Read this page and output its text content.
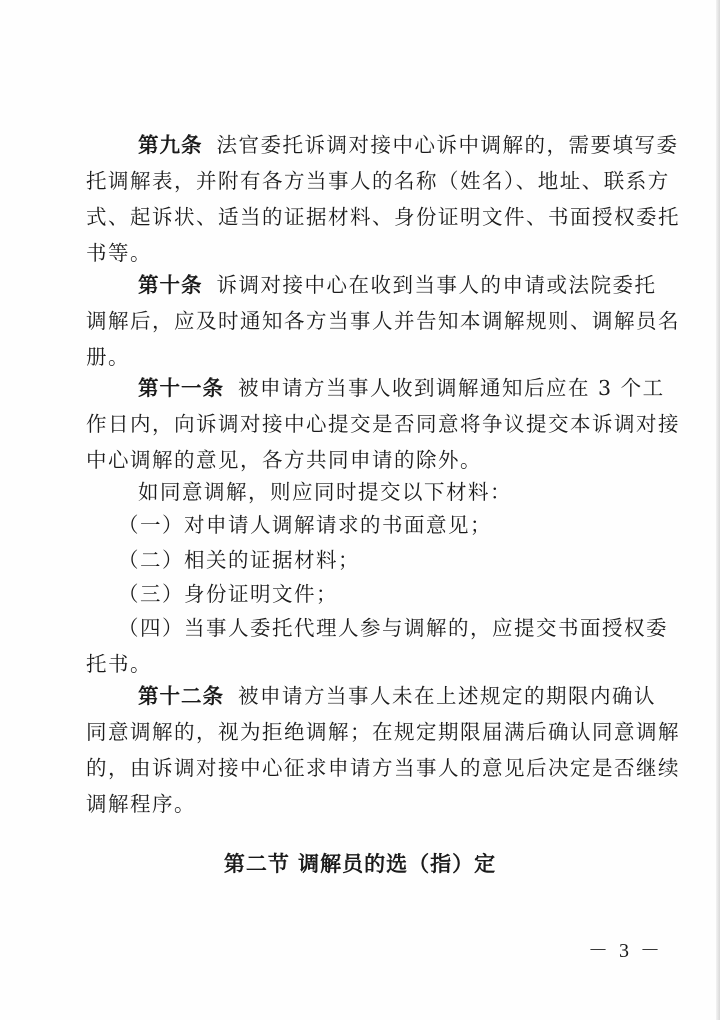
第九条 法官委托诉调对接中心诉中调解的，需要填写委
托调解表，并附有各方当事人的名称（姓名）、地址、联系方
式、起诉状、适当的证据材料、身份证明文件、书面授权委托
书等。
第十条 诉调对接中心在收到当事人的申请或法院委托
调解后，应及时通知各方当事人并告知本调解规则、调解员名
册。
第十一条 被申请方当事人收到调解通知后应在 3 个工
作日内，向诉调对接中心提交是否同意将争议提交本诉调对接
中心调解的意见，各方共同申请的除外。
如同意调解，则应同时提交以下材料：
（一）对申请人调解请求的书面意见；
（二）相关的证据材料；
（三）身份证明文件；
（四）当事人委托代理人参与调解的，应提交书面授权委
托书。
第十二条 被申请方当事人未在上述规定的期限内确认
同意调解的，视为拒绝调解；在规定期限届满后确认同意调解
的，由诉调对接中心征求申请方当事人的意见后决定是否继续
调解程序。
第二节 调解员的选（指）定
－ 3 －
